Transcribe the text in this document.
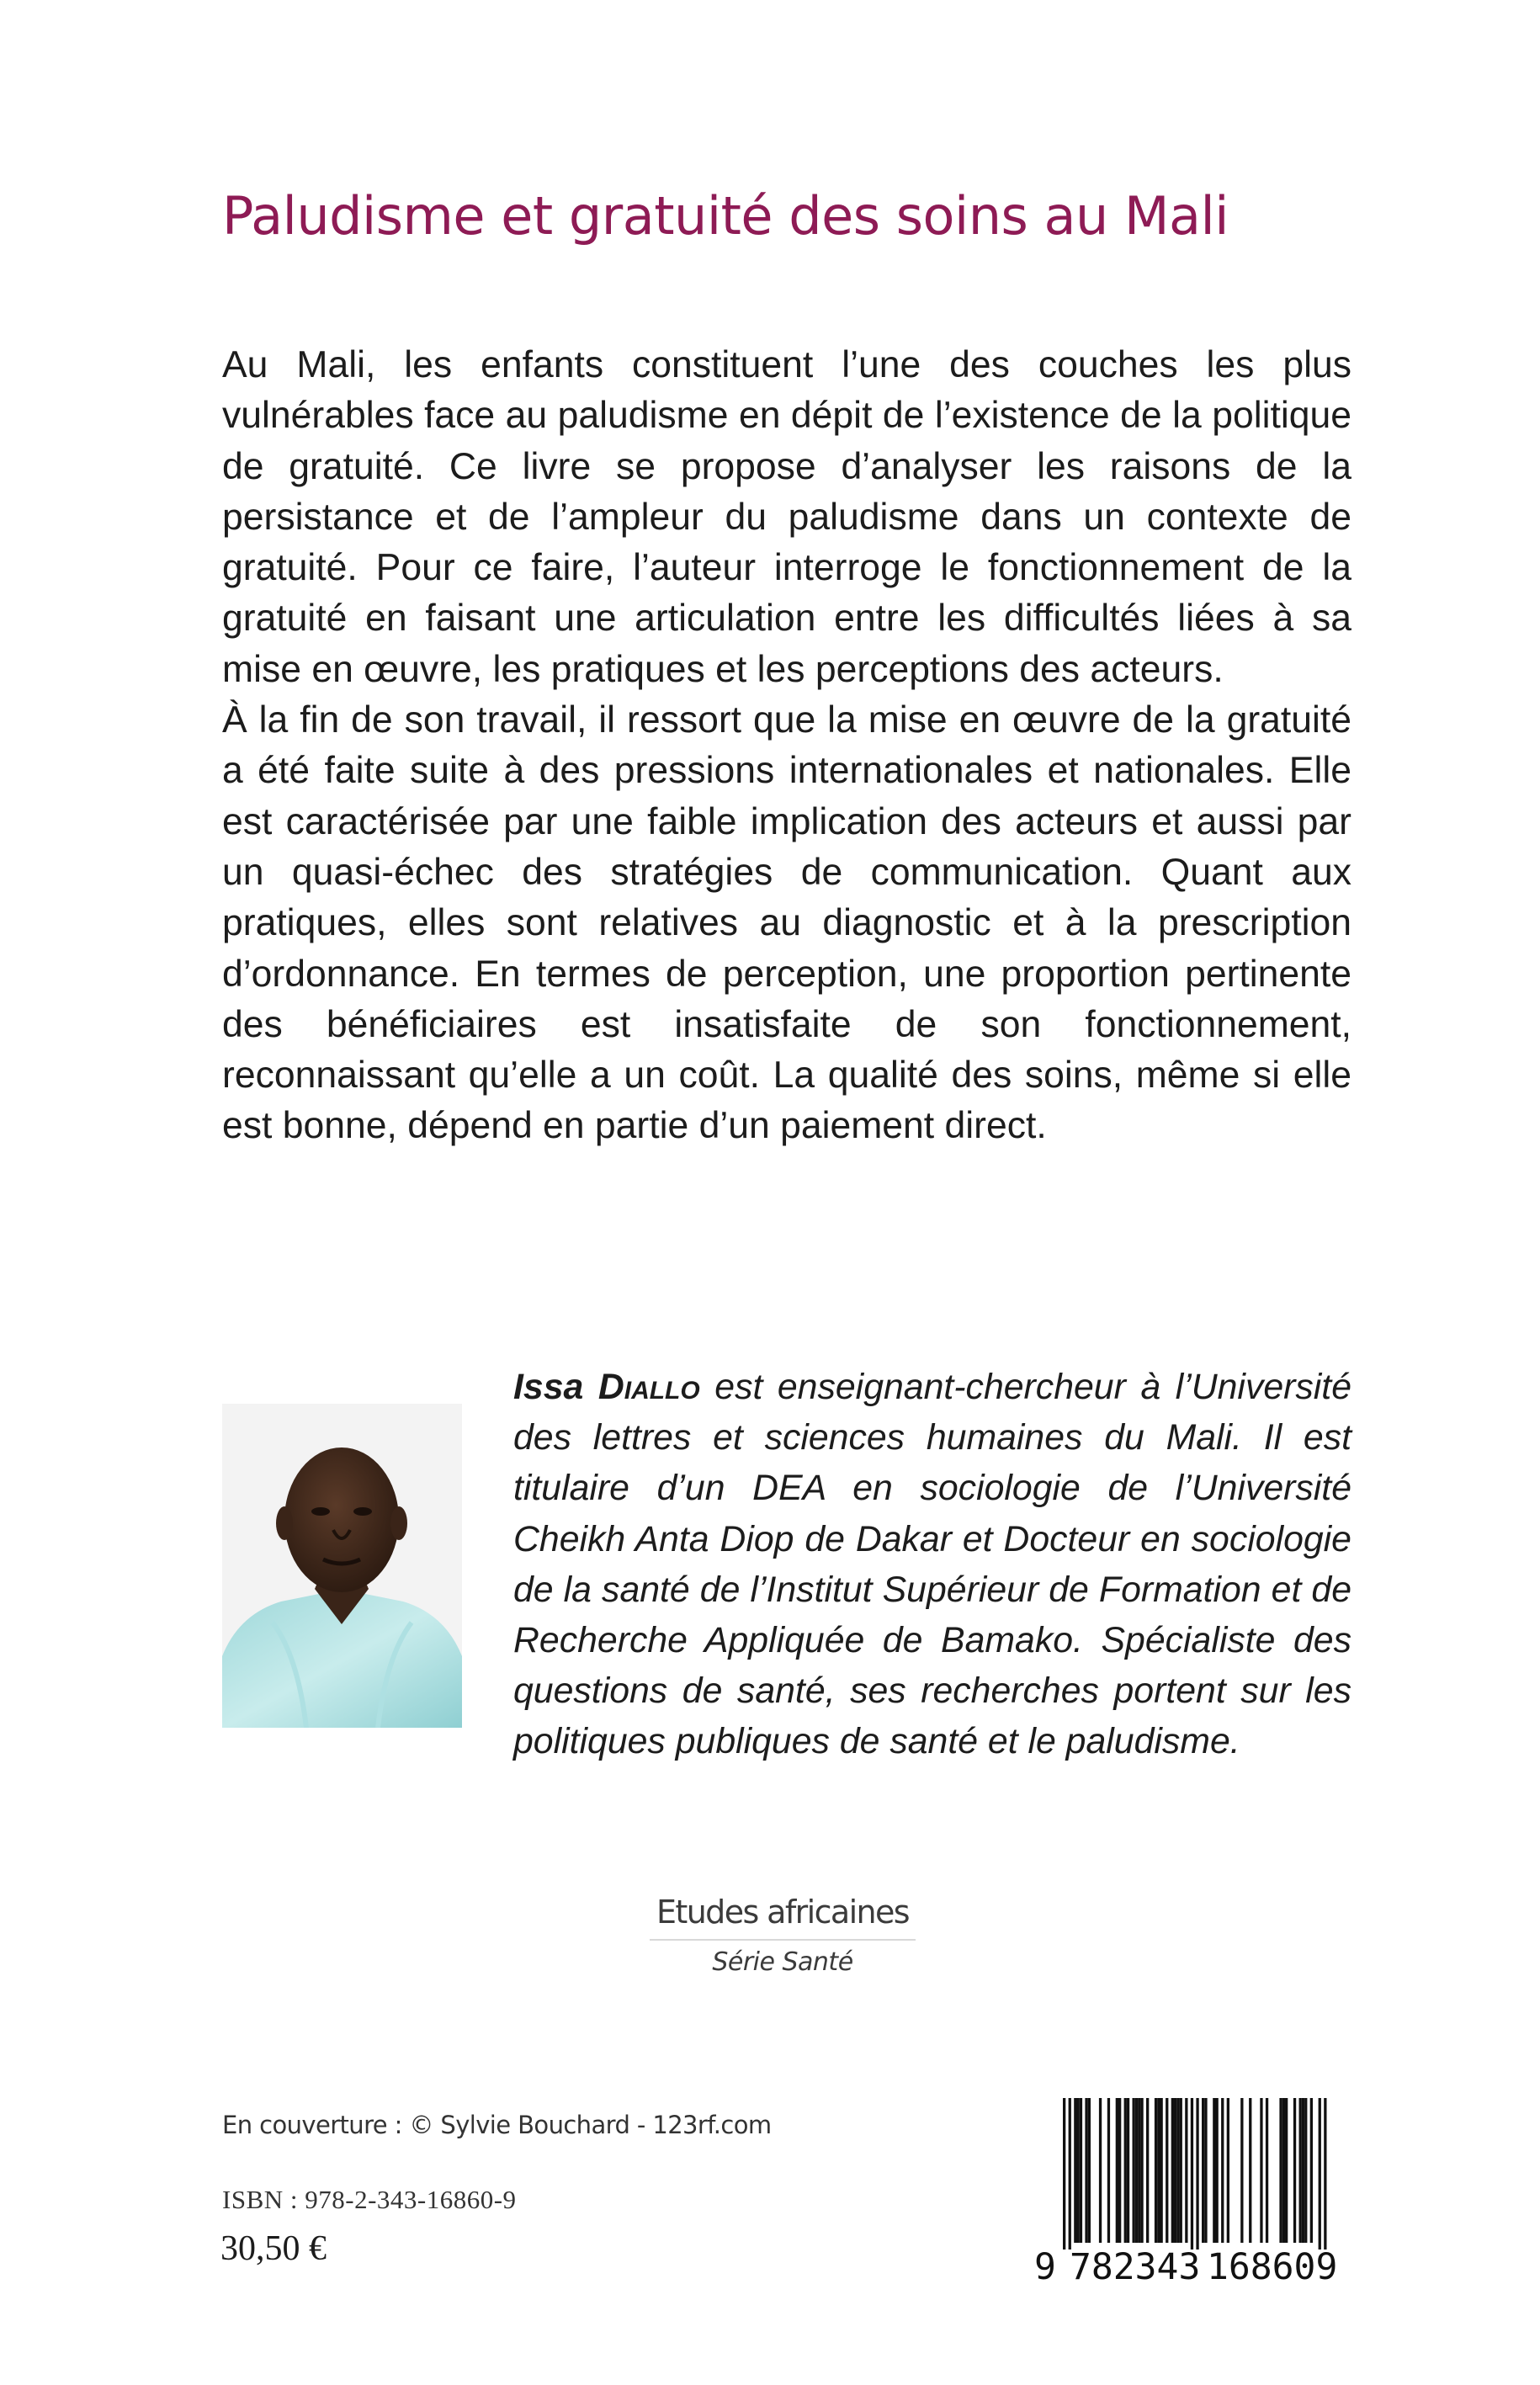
Paludisme et gratuité des soins au Mali

Au Mali, les enfants constituent l’une des couches les plus vulnérables face au paludisme en dépit de l’existence de la politique de gratuité. Ce livre se propose d’analyser les raisons de la persistance et de l’ampleur du paludisme dans un contexte de gratuité. Pour ce faire, l’auteur interroge le fonctionnement de la gratuité en faisant une articulation entre les difficultés liées à sa mise en œuvre, les pratiques et les perceptions des acteurs.

À la fin de son travail, il ressort que la mise en œuvre de la gratuité a été faite suite à des pressions internationales et nationales. Elle est caractérisée par une faible implication des acteurs et aussi par un quasi-échec des stratégies de communication. Quant aux pratiques, elles sont relatives au diagnostic et à la prescription d’ordonnance. En termes de perception, une proportion pertinente des bénéficiaires est insatisfaite de son fonctionnement, reconnaissant qu’elle a un coût. La qualité des soins, même si elle est bonne, dépend en partie d’un paiement direct.

Issa Diallo est enseignant-chercheur à l’Université des lettres et sciences humaines du Mali. Il est titulaire d’un DEA en sociologie de l’Université Cheikh Anta Diop de Dakar et Docteur en sociologie de la santé de l’Institut Supérieur de Formation et de Recherche Appliquée de Bamako. Spécialiste des questions de santé, ses recherches portent sur les politiques publiques de santé et le paludisme.
Etudes africaines
Série Santé
En couverture : © Sylvie Bouchard - 123rf.com
ISBN : 978-2-343-16860-9
30,50 €	9 782343 168609
